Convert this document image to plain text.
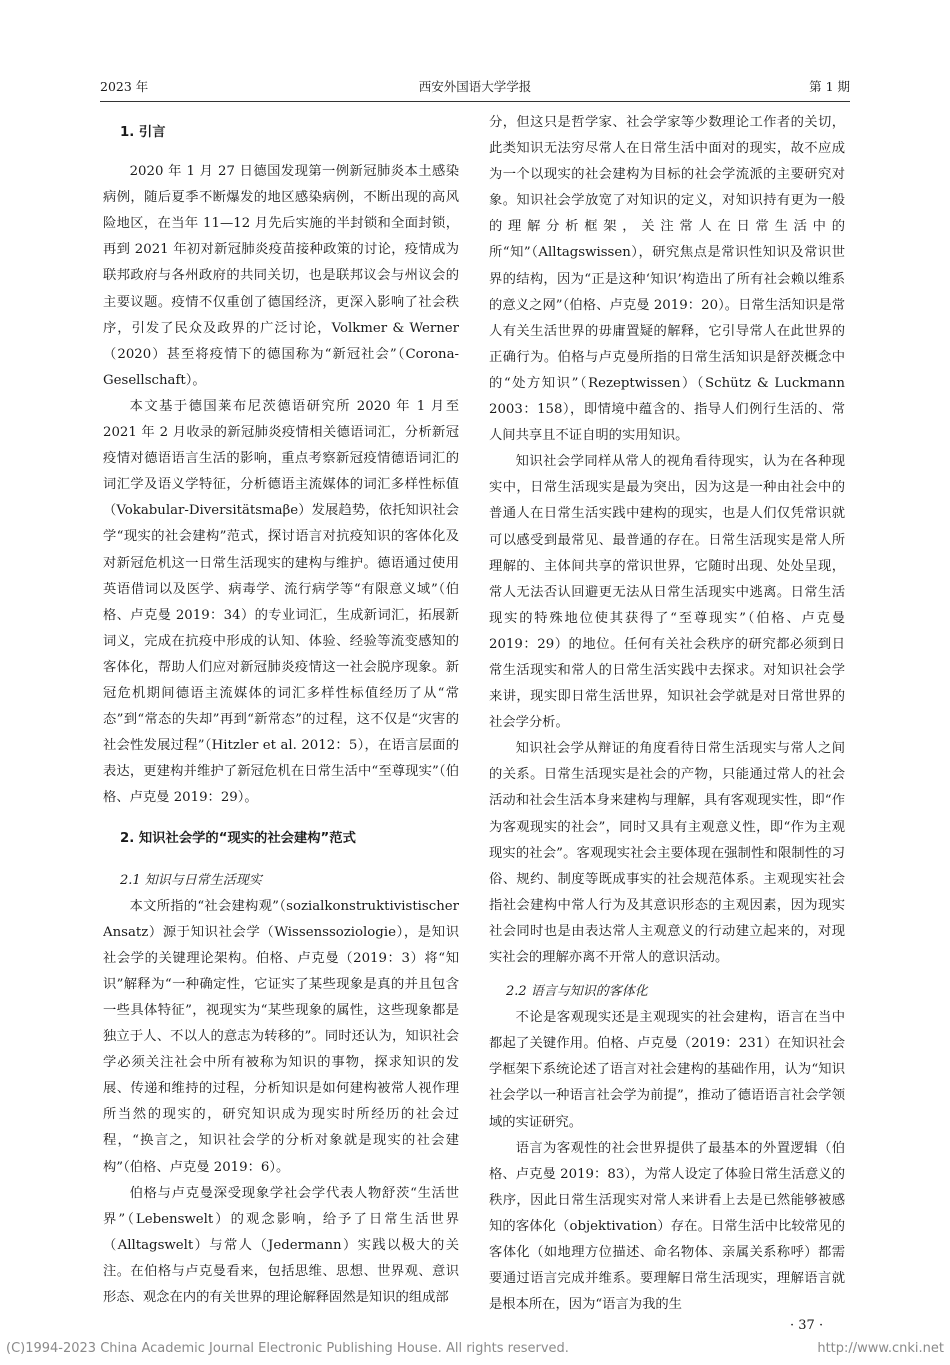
2023 年	西安外国语大学学报	第 1 期
1. 引言

2020 年 1 月 27 日德国发现第一例新冠肺炎本土感染病例，随后夏季不断爆发的地区感染病例，不断出现的高风险地区，在当年 11—12 月先后实施的半封锁和全面封锁，再到 2021 年初对新冠肺炎疫苗接种政策的讨论，疫情成为联邦政府与各州政府的共同关切，也是联邦议会与州议会的主要议题。疫情不仅重创了德国经济，更深入影响了社会秩序，引发了民众及政界的广泛讨论，Volkmer & Werner（2020）甚至将疫情下的德国称为“新冠社会”（Corona-Gesellschaft）。

本文基于德国莱布尼茨德语研究所 2020 年 1 月至 2021 年 2 月收录的新冠肺炎疫情相关德语词汇，分析新冠疫情对德语语言生活的影响，重点考察新冠疫情德语词汇的词汇学及语义学特征，分析德语主流媒体的词汇多样性标值（Vokabular-Diversitätsmaβe）发展趋势，依托知识社会学“现实的社会建构”范式，探讨语言对抗疫知识的客体化及对新冠危机这一日常生活现实的建构与维护。德语通过使用英语借词以及医学、病毒学、流行病学等“有限意义域”（伯格、卢克曼 2019：34）的专业词汇，生成新词汇，拓展新词义，完成在抗疫中形成的认知、体验、经验等流变感知的客体化，帮助人们应对新冠肺炎疫情这一社会脱序现象。新冠危机期间德语主流媒体的词汇多样性标值经历了从“常态”到“常态的失却”再到“新常态”的过程，这不仅是“灾害的社会性发展过程”（Hitzler et al. 2012：5），在语言层面的表达，更建构并维护了新冠危机在日常生活中“至尊现实”（伯格、卢克曼 2019：29）。

2. 知识社会学的“现实的社会建构”范式
2.1 知识与日常生活现实

本文所指的“社会建构观”（sozialkonstruktivistischer Ansatz）源于知识社会学（Wissenssoziologie），是知识社会学的关键理论架构。伯格、卢克曼（2019：3）将“知识”解释为“一种确定性，它证实了某些现象是真的并且包含一些具体特征”，视现实为“某些现象的属性，这些现象都是独立于人、不以人的意志为转移的”。同时还认为，知识社会学必须关注社会中所有被称为知识的事物，探求知识的发展、传递和维持的过程，分析知识是如何建构被常人视作理所当然的现实的，研究知识成为现实时所经历的社会过程，“换言之，知识社会学的分析对象就是现实的社会建构”（伯格、卢克曼 2019：6）。

伯格与卢克曼深受现象学社会学代表人物舒茨“生活世界”（Lebenswelt）的观念影响，给予了日常生活世界（Alltagswelt）与常人（Jedermann）实践以极大的关注。在伯格与卢克曼看来，包括思维、思想、世界观、意识形态、观念在内的有关世界的理论解释固然是知识的组成部

分，但这只是哲学家、社会学家等少数理论工作者的关切，此类知识无法穷尽常人在日常生活中面对的现实，故不应成为一个以现实的社会建构为目标的社会学流派的主要研究对象。知识社会学放宽了对知识的定义，对知识持有更为一般的理解分析框架，关注常人在日常生活中的所“知”（Alltagswissen），研究焦点是常识性知识及常识世界的结构，因为“正是这种‘知识’构造出了所有社会赖以维系的意义之网”（伯格、卢克曼 2019：20）。日常生活知识是常人有关生活世界的毋庸置疑的解释，它引导常人在此世界的正确行为。伯格与卢克曼所指的日常生活知识是舒茨概念中的“处方知识”（Rezeptwissen）（Schütz & Luckmann 2003：158），即情境中蕴含的、指导人们例行生活的、常人间共享且不证自明的实用知识。

知识社会学同样从常人的视角看待现实，认为在各种现实中，日常生活现实是最为突出，因为这是一种由社会中的普通人在日常生活实践中建构的现实，也是人们仅凭常识就可以感受到最常见、最普通的存在。日常生活现实是常人所理解的、主体间共享的常识世界，它随时出现、处处呈现，常人无法否认回避更无法从日常生活现实中逃离。日常生活现实的特殊地位使其获得了“至尊现实”（伯格、卢克曼 2019：29）的地位。任何有关社会秩序的研究都必须到日常生活现实和常人的日常生活实践中去探求。对知识社会学来讲，现实即日常生活世界，知识社会学就是对日常世界的社会学分析。

知识社会学从辩证的角度看待日常生活现实与常人之间的关系。日常生活现实是社会的产物，只能通过常人的社会活动和社会生活本身来建构与理解，具有客观现实性，即“作为客观现实的社会”，同时又具有主观意义性，即“作为主观现实的社会”。客观现实社会主要体现在强制性和限制性的习俗、规约、制度等既成事实的社会规范体系。主观现实社会指社会建构中常人行为及其意识形态的主观因素，因为现实社会同时也是由表达常人主观意义的行动建立起来的，对现实社会的理解亦离不开常人的意识活动。

2.2 语言与知识的客体化

不论是客观现实还是主观现实的社会建构，语言在当中都起了关键作用。伯格、卢克曼（2019：231）在知识社会学框架下系统论述了语言对社会建构的基础作用，认为“知识社会学以一种语言社会学为前提”，推动了德语语言社会学领域的实证研究。

语言为客观性的社会世界提供了最基本的外置逻辑（伯格、卢克曼 2019：83），为常人设定了体验日常生活意义的秩序，因此日常生活现实对常人来讲看上去是已然能够被感知的客体化（objektivation）存在。日常生活中比较常见的客体化（如地理方位描述、命名物体、亲属关系称呼）都需要通过语言完成并维系。要理解日常生活现实，理解语言就是根本所在，因为“语言为我的生

· 37 ·
(C)1994-2023 China Academic Journal Electronic Publishing House. All rights reserved.	http://www.cnki.net
